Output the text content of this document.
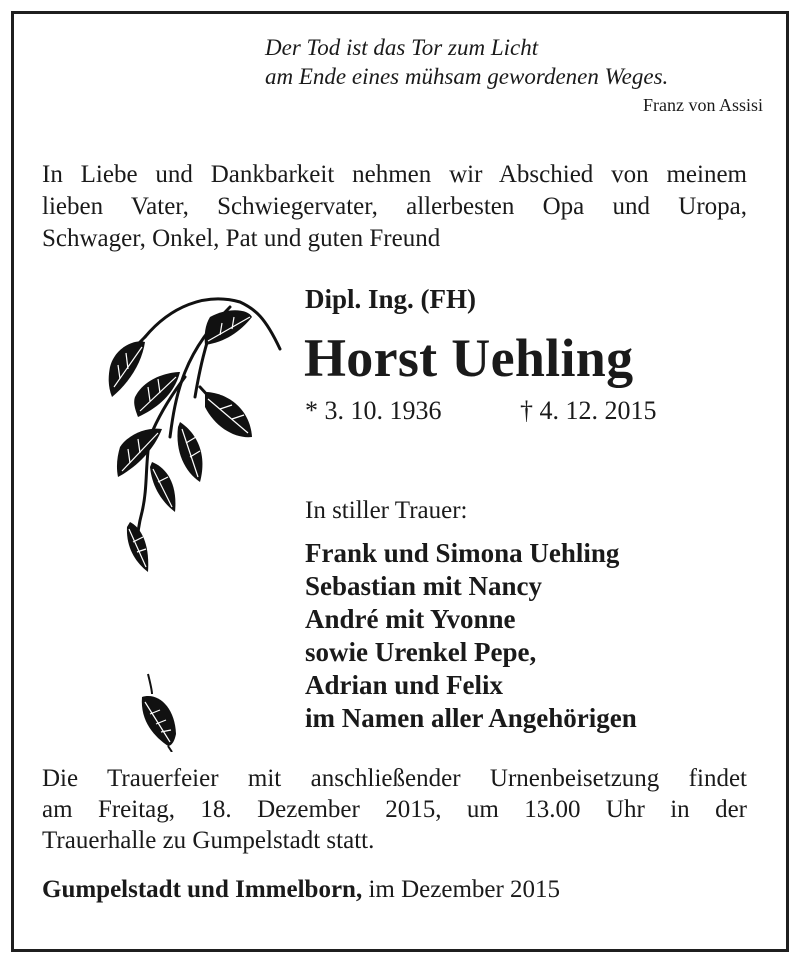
Der Tod ist das Tor zum Licht
am Ende eines mühsam gewordenen Weges.
Franz von Assisi
In Liebe und Dankbarkeit nehmen wir Abschied von meinem
lieben Vater, Schwiegervater, allerbesten Opa und Uropa,
Schwager, Onkel, Pat und guten Freund
Dipl. Ing. (FH)
Horst Uehling
* 3. 10. 1936	† 4. 12. 2015
In stiller Trauer:
Frank und Simona Uehling
Sebastian mit Nancy
André mit Yvonne
sowie Urenkel Pepe,
Adrian und Felix
im Namen aller Angehörigen
Die Trauerfeier mit anschließender Urnenbeisetzung findet
am Freitag, 18. Dezember 2015, um 13.00 Uhr in der
Trauerhalle zu Gumpelstadt statt.
Gumpelstadt und Immelborn, im Dezember 2015
